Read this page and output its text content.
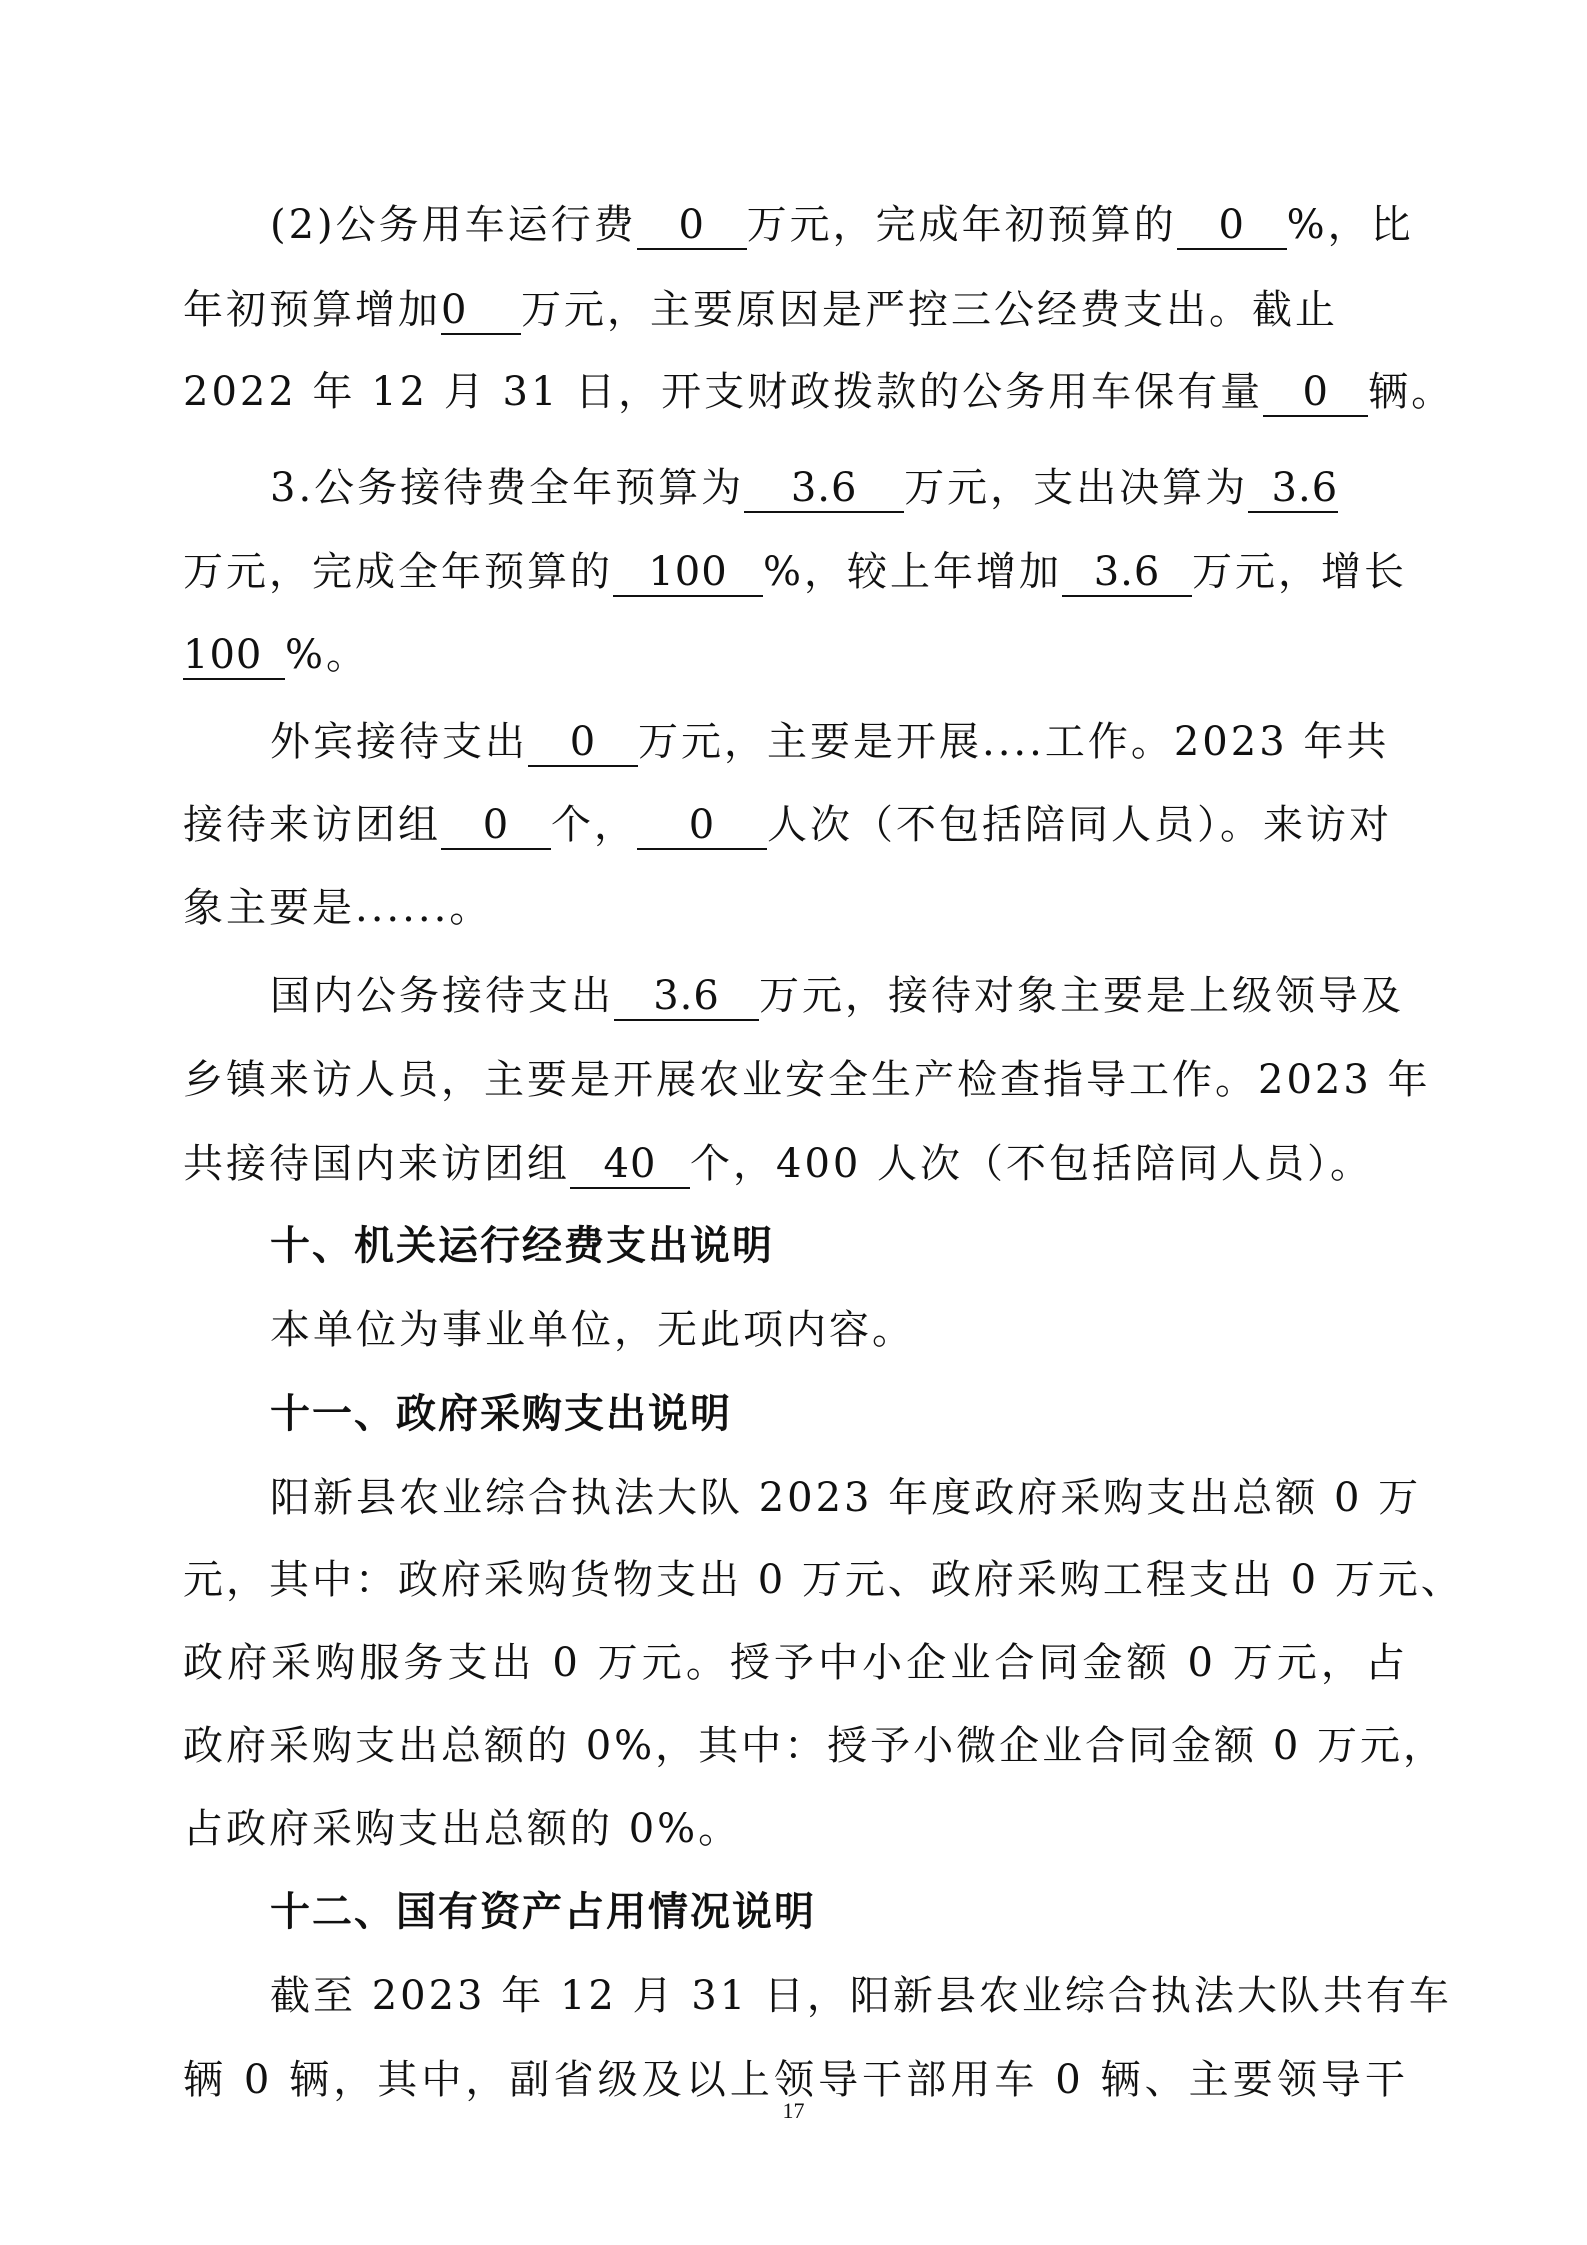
(2)公务用车运行费 0 万元，完成年初预算的 0 %，比
年初预算增加0 万元，主要原因是严控三公经费支出。截止
2022 年 12 月 31 日，开支财政拨款的公务用车保有量 0 辆。
3.公务接待费全年预算为 3.6 万元，支出决算为 3.6
万元，完成全年预算的 100 %，较上年增加 3.6 万元，增长
100 %。
外宾接待支出 0 万元，主要是开展....工作。2023 年共
接待来访团组 0 个， 0 人次（不包括陪同人员）。来访对
象主要是......。
国内公务接待支出 3.6 万元，接待对象主要是上级领导及
乡镇来访人员，主要是开展农业安全生产检查指导工作。2023 年
共接待国内来访团组 40 个，400 人次（不包括陪同人员）。
十、机关运行经费支出说明
本单位为事业单位，无此项内容。
十一、政府采购支出说明
阳新县农业综合执法大队 2023 年度政府采购支出总额 0 万
元，其中：政府采购货物支出 0 万元、政府采购工程支出 0 万元、
政府采购服务支出 0 万元。授予中小企业合同金额 0 万元，占
政府采购支出总额的 0%，其中：授予小微企业合同金额 0 万元，
占政府采购支出总额的 0%。
十二、国有资产占用情况说明
截至 2023 年 12 月 31 日，阳新县农业综合执法大队共有车
辆 0 辆，其中，副省级及以上领导干部用车 0 辆、主要领导干
17
